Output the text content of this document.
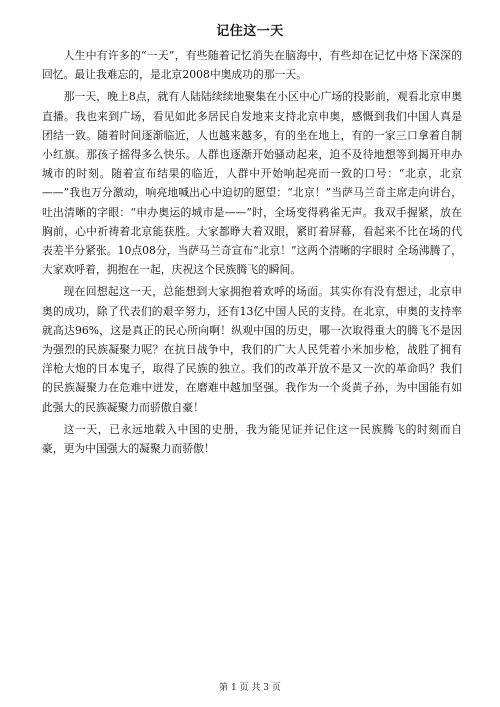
记住这一天

人生中有许多的“一天”，有些随着记忆消失在脑海中，有些却在记忆中烙下深深的回忆。最让我难忘的，是北京2008中奥成功的那一天。

那一天，晚上8点，就有人陆陆续续地聚集在小区中心广场的投影前，观看北京申奥直播。我也来到广场，看见如此多居民自发地来支持北京申奥，感慨到我们中国人真是团结一致。随着时间逐渐临近，人也越来越多，有的坐在地上，有的一家三口拿着自制小红旗。那孩子摇得多么快乐。人群也逐渐开始骚动起来，迫不及待地想等到揭开申办城市的时刻。随着宣布结果的临近，人群中开始响起亮而一致的口号：“北京，北京——”我也万分激动，响亮地喊出心中迫切的愿望：“北京！”当萨马兰奇主席走向讲台，吐出清晰的字眼：“申办奥运的城市是——”时，全场变得鸦雀无声。我双手握紧，放在胸前，心中祈祷着北京能获胜。大家都睁大着双眼，紧盯着屏幕，看起来不比在场的代表差半分紧张。10点08分，当萨马兰奇宣布“北京！”这两个清晰的字眼时 全场沸腾了，大家欢呼着，拥抱在一起，庆祝这个民族腾飞的瞬间。

现在回想起这一天，总能想到大家拥抱着欢呼的场面。其实你有没有想过，北京申奥的成功，除了代表们的艰辛努力，还有13亿中国人民的支持。在北京，申奥的支持率就高达96%，这是真正的民心所向啊！纵观中国的历史，哪一次取得重大的腾飞不是因为强烈的民族凝聚力呢？在抗日战争中，我们的广大人民凭着小米加步枪，战胜了拥有洋枪大炮的日本鬼子，取得了民族的独立。我们的改革开放不是又一次的革命吗？我们的民族凝聚力在危难中迸发，在磨难中越加坚强。我作为一个炎黄子孙，为中国能有如此强大的民族凝聚力而骄傲自豪！

这一天，已永远地载入中国的史册，我为能见证并记住这一民族腾飞的时刻而自豪，更为中国强大的凝聚力而骄傲！

第 1 页 共 3 页
